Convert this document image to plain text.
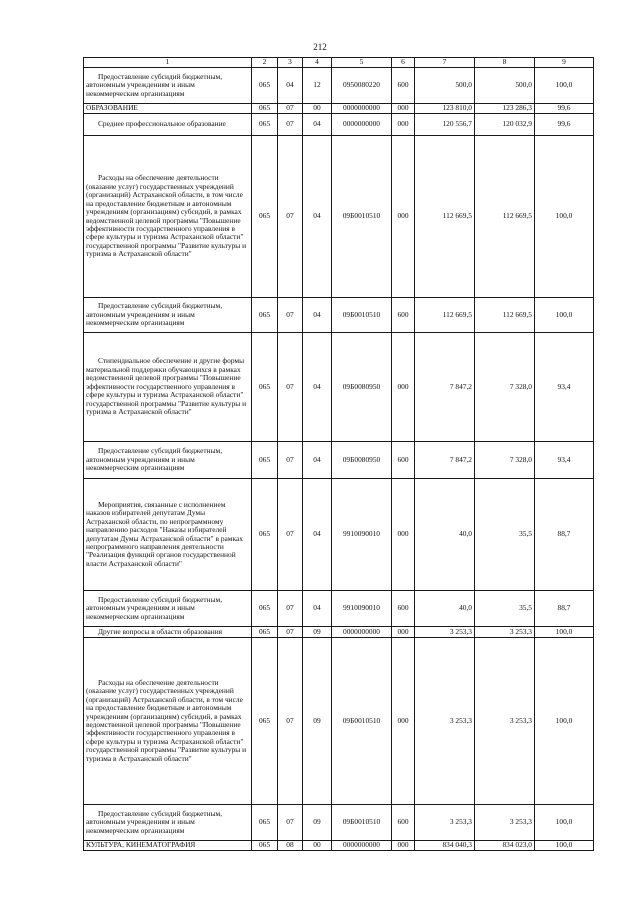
212
1	2	3	4	5	6	7	8	9
Предоставление субсидий бюджетным, автономным учреждениям и иным некоммерческим организациям	065	04	12	0950080220	600	500,0	500,0	100,0
ОБРАЗОВАНИЕ	065	07	00	0000000000	000	123 810,0	123 286,3	99,6
Среднее профессиональное образование	065	07	04	0000000000	000	120 556,7	120 032,9	99,6
Расходы на обеспечение деятельности (оказание услуг) государственных учреждений (организаций) Астраханской области, в том числе на предоставление бюджетным и автономным учреждениям (организациям) субсидий, в рамках ведомственной целевой программы "Повышение эффективности государственного управления в сфере культуры и туризма Астраханской области" государственной программы "Развитие культуры и туризма в Астраханской области"	065	07	04	09Б0010510	000	112 669,5	112 669,5	100,0
Предоставление субсидий бюджетным, автономным учреждениям и иным некоммерческим организациям	065	07	04	09Б0010510	600	112 669,5	112 669,5	100,0
Стипендиальное обеспечение и другие формы материальной поддержки обучающихся в рамках ведомственной целевой программы "Повышение эффективности государственного управления в сфере культуры и туризма Астраханской области" государственной программы "Развитие культуры и туризма в Астраханской области"	065	07	04	09Б0080950	000	7 847,2	7 328,0	93,4
Предоставление субсидий бюджетным, автономным учреждениям и иным некоммерческим организациям	065	07	04	09Б0080950	600	7 847,2	7 328,0	93,4
Мероприятия, связанные с исполнением наказов избирателей депутатам Думы Астраханской области, по непрограммному направлению расходов "Наказы избирателей депутатам Думы Астраханской области" в рамках непрограммного направления деятельности "Реализация функций органов государственной власти Астраханской области"	065	07	04	9910090010	000	40,0	35,5	88,7
Предоставление субсидий бюджетным, автономным учреждениям и иным некоммерческим организациям	065	07	04	9910090010	600	40,0	35,5	88,7
Другие вопросы в области образования	065	07	09	0000000000	000	3 253,3	3 253,3	100,0
Расходы на обеспечение деятельности (оказание услуг) государственных учреждений (организаций) Астраханской области, в том числе на предоставление бюджетным и автономным учреждениям (организациям) субсидий, в рамках ведомственной целевой программы "Повышение эффективности государственного управления в сфере культуры и туризма Астраханской области" государственной программы "Развитие культуры и туризма в Астраханской области"	065	07	09	09Б0010510	000	3 253,3	3 253,3	100,0
Предоставление субсидий бюджетным, автономным учреждениям и иным некоммерческим организациям	065	07	09	09Б0010510	600	3 253,3	3 253,3	100,0
КУЛЬТУРА, КИНЕМАТОГРАФИЯ	065	08	00	0000000000	000	834 040,3	834 023,0	100,0
